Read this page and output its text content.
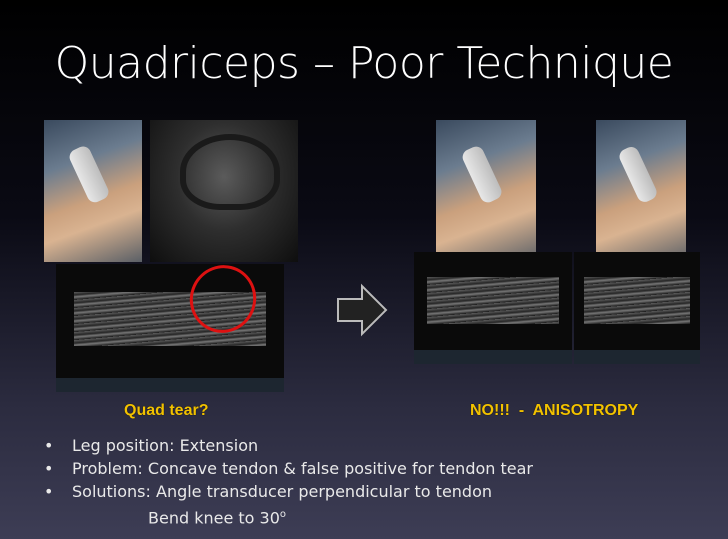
Quadriceps – Poor Technique
Quad tear?	NO!!!  -  ANISOTROPY
• Leg position: Extension
• Problem: Concave tendon & false positive for tendon tear
• Solutions: Angle transducer perpendicular to tendon
Bend knee to 30$^o$
